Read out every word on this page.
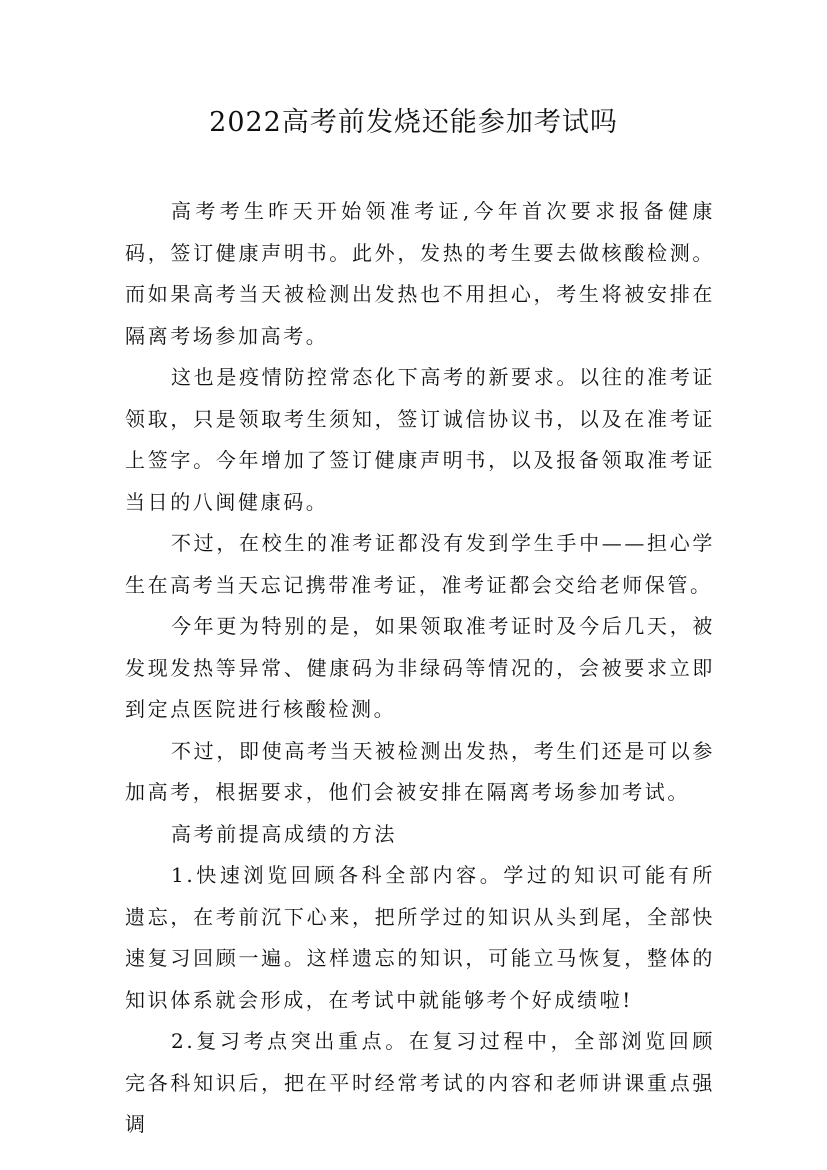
2022高考前发烧还能参加考试吗

高考考生昨天开始领准考证,今年首次要求报备健康码，签订健康声明书。此外，发热的考生要去做核酸检测。而如果高考当天被检测出发热也不用担心，考生将被安排在隔离考场参加高考。

这也是疫情防控常态化下高考的新要求。以往的准考证领取，只是领取考生须知，签订诚信协议书，以及在准考证上签字。今年增加了签订健康声明书，以及报备领取准考证当日的八闽健康码。

不过，在校生的准考证都没有发到学生手中——担心学生在高考当天忘记携带准考证，准考证都会交给老师保管。

今年更为特别的是，如果领取准考证时及今后几天，被发现发热等异常、健康码为非绿码等情况的，会被要求立即到定点医院进行核酸检测。

不过，即使高考当天被检测出发热，考生们还是可以参加高考，根据要求，他们会被安排在隔离考场参加考试。

高考前提高成绩的方法

1.快速浏览回顾各科全部内容。学过的知识可能有所遗忘，在考前沉下心来，把所学过的知识从头到尾，全部快速复习回顾一遍。这样遗忘的知识，可能立马恢复，整体的知识体系就会形成，在考试中就能够考个好成绩啦!

2.复习考点突出重点。在复习过程中，全部浏览回顾完各科知识后，把在平时经常考试的内容和老师讲课重点强调
